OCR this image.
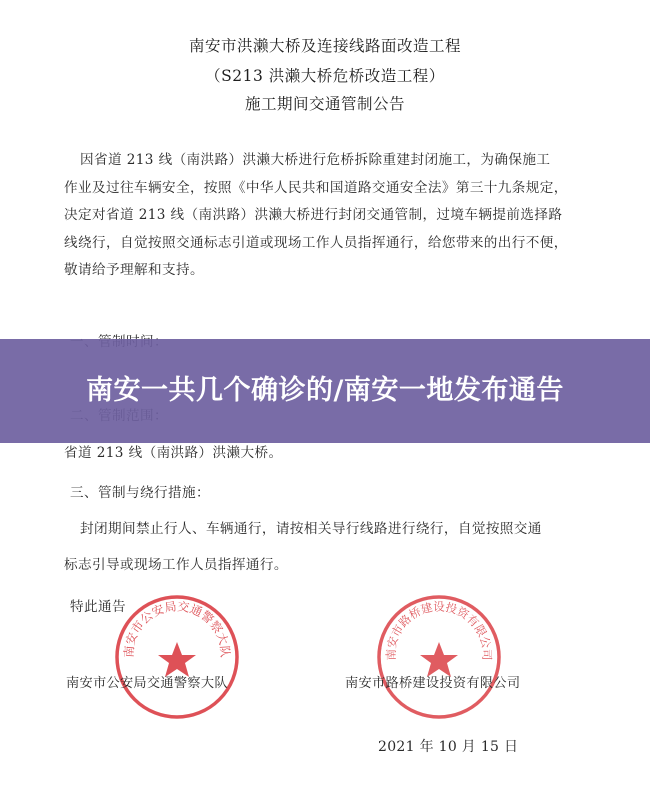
南安市洪濑大桥及连接线路面改造工程
（S213 洪濑大桥危桥改造工程）
施工期间交通管制公告

因省道 213 线（南洪路）洪濑大桥进行危桥拆除重建封闭施工，为确保施工

作业及过往车辆安全，按照《中华人民共和国道路交通安全法》第三十九条规定，

决定对省道 213 线（南洪路）洪濑大桥进行封闭交通管制，过境车辆提前选择路

线绕行，自觉按照交通标志引道或现场工作人员指挥通行，给您带来的出行不便，

敬请给予理解和支持。

省道 213 线（南洪路）洪濑大桥。
三、管制与绕行措施：
封闭期间禁止行人、车辆通行，请按相关导行线路进行绕行，自觉按照交通
标志引导或现场工作人员指挥通行。
特此通告
南安市公安局交通警察大队	南安市路桥建设投资有限公司
南安市公安局交通警察大队	南安市路桥建设投资有限公司
2021 年 10 月 15 日
南安一共几个确诊的/南安一地发布通告
